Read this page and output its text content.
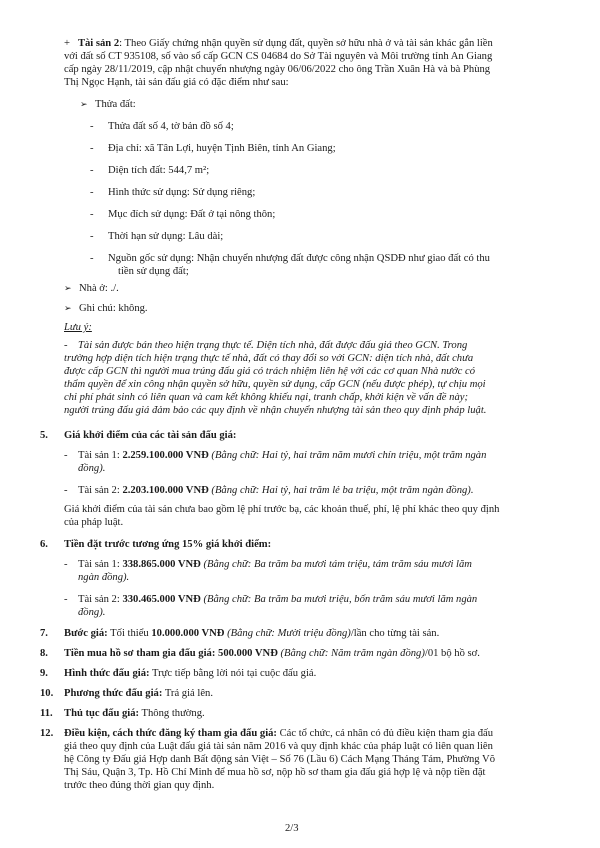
+ Tài sản 2: Theo Giấy chứng nhận quyền sử dụng đất, quyền sở hữu nhà ở và tài sản khác gắn liền
với đất số CT 935108, số vào sổ cấp GCN CS 04684 do Sở Tài nguyên và Môi trường tỉnh An Giang
cấp ngày 28/11/2019, cập nhật chuyển nhượng ngày 06/06/2022 cho ông Trần Xuân Hà và bà Phùng
Thị Ngọc Hạnh, tài sản đấu giá có đặc điểm như sau:
➢ Thửa đất:
- Thửa đất số 4, tờ bản đồ số 4;
- Địa chỉ: xã Tân Lợi, huyện Tịnh Biên, tỉnh An Giang;
- Diện tích đất: 544,7 m²;
- Hình thức sử dụng: Sử dụng riêng;
- Mục đích sử dụng: Đất ở tại nông thôn;
- Thời hạn sử dụng: Lâu dài;
- Nguồn gốc sử dụng: Nhận chuyển nhượng đất được công nhận QSDĐ như giao đất có thu
tiền sử dụng đất;
➢ Nhà ở: ./.
➢ Ghi chú: không.
Lưu ý:
- Tài sản được bán theo hiện trạng thực tế. Diện tích nhà, đất được đấu giá theo GCN. Trong
trường hợp diện tích hiện trạng thực tế nhà, đất có thay đổi so với GCN: diện tích nhà, đất chưa
được cấp GCN thì người mua trúng đấu giá có trách nhiệm liên hệ với các cơ quan Nhà nước có
thẩm quyền để xin công nhận quyền sở hữu, quyền sử dụng, cấp GCN (nếu được phép), tự chịu mọi
chi phí phát sinh có liên quan và cam kết không khiếu nại, tranh chấp, khởi kiện về vấn đề này;
người trúng đấu giá đảm bảo các quy định về nhận chuyển nhượng tài sản theo quy định pháp luật.
5. Giá khởi điểm của các tài sản đấu giá:
- Tài sản 1: 2.259.100.000 VNĐ (Bằng chữ: Hai tỷ, hai trăm năm mươi chín triệu, một trăm ngàn
đồng).
- Tài sản 2: 2.203.100.000 VNĐ (Bằng chữ: Hai tỷ, hai trăm lẻ ba triệu, một trăm ngàn đồng).
Giá khởi điểm của tài sản chưa bao gồm lệ phí trước bạ, các khoản thuế, phí, lệ phí khác theo quy định
của pháp luật.
6. Tiền đặt trước tương ứng 15% giá khởi điểm:
- Tài sản 1: 338.865.000 VNĐ (Bằng chữ: Ba trăm ba mươi tám triệu, tám trăm sáu mươi lăm
ngàn đồng).
- Tài sản 2: 330.465.000 VNĐ (Bằng chữ: Ba trăm ba mươi triệu, bốn trăm sáu mươi lăm ngàn
đồng).
7. Bước giá: Tối thiểu 10.000.000 VNĐ (Bằng chữ: Mười triệu đồng)/lần cho từng tài sản.
8. Tiền mua hồ sơ tham gia đấu giá: 500.000 VNĐ (Bằng chữ: Năm trăm ngàn đồng)/01 bộ hồ sơ.
9. Hình thức đấu giá: Trực tiếp bằng lời nói tại cuộc đấu giá.
10. Phương thức đấu giá: Trả giá lên.
11. Thủ tục đấu giá: Thông thường.
12. Điều kiện, cách thức đăng ký tham gia đấu giá: Các tổ chức, cá nhân có đủ điều kiện tham gia đấu
giá theo quy định của Luật đấu giá tài sản năm 2016 và quy định khác của pháp luật có liên quan liên
hệ Công ty Đấu giá Hợp danh Bất động sản Việt – Số 76 (Lầu 6) Cách Mạng Tháng Tám, Phường Võ
Thị Sáu, Quận 3, Tp. Hồ Chí Minh để mua hồ sơ, nộp hồ sơ tham gia đấu giá hợp lệ và nộp tiền đặt
trước theo đúng thời gian quy định.
2/3
